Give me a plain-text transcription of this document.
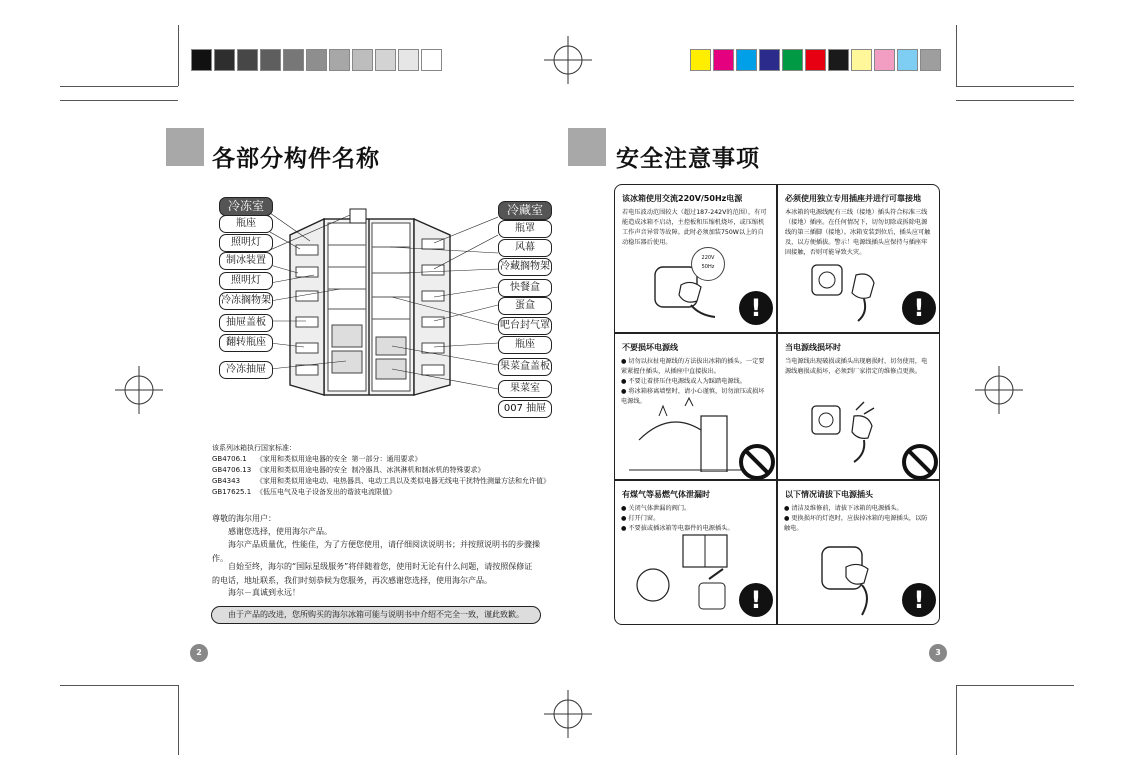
各部分构件名称
冷冻室
瓶座
照明灯
制冰装置
照明灯
冷冻搁物架
抽屉盖板
翻转瓶座
冷冻抽屉
冷藏室
瓶罩
风幕
冷藏搁物架
快餐盒
蛋盒
吧台封气罩
瓶座
果菜盒盖板
果菜室
007 抽屉
该系列冰箱执行国家标准：
GB4706.1 《家用和类似用途电器的安全  第一部分：通用要求》
GB4706.13 《家用和类似用途电器的安全  制冷器具、冰淇淋机和制冰机的特殊要求》
GB4343 《家用和类似用途电动、电热器具、电动工具以及类似电器无线电干扰特性测量方法和允许值》
GB17625.1 《低压电气及电子设备发出的谐波电流限值》
尊敬的海尔用户：
感谢您选择，使用海尔产品。
海尔产品质量优，性能佳，为了方便您使用，请仔细阅读说明书；并按照说明书的步骤操作。
自始至终，海尔的“国际星级服务”将伴随着您，使用时无论有什么问题，请按照保修证的电话，地址联系，我们时刻恭候为您服务，再次感谢您选择，使用海尔产品。
海尔－真诚到永远！
由于产品的改进，您所购买的海尔冰箱可能与说明书中介绍不完全一致，谨此致歉。
2
安全注意事项
该冰箱使用交流220V/50Hz电源
若电压波动范围较大（超过187-242V的范围），有可能造成冰箱不启动，主控板和压缩机烧坏，或压缩机工作声音异常等故障。此时必须加装750W以上的自动稳压器后使用。
220V
50Hz
!
必须使用独立专用插座并进行可靠接地
本冰箱的电源线配有三线（接地）插头符合标准三线（接地）插座。在任何情况下，切勿切除或拆除电源线的第三插脚（接地）。冰箱安装到位后，插头应可触及，以方便插拔。警示！电源线插头应保持与插座牢固接触，否则可能导致火灾。
!
不要损坏电源线
● 切勿以拉扯电源线的方法拔出冰箱的插头。一定要紧紧握住插头，从插座中直接拔出。
● 不要让着挤压住电源线或人为踩踏电源线。
● 将冰箱移离墙壁时，请小心谨慎，切勿滚压或损坏电源线。
当电源线损坏时
当电源线出现破损或插头出现磨损时，切勿使用，电源线磨损或损坏，必须到厂家指定的维修点更换。
有煤气等易燃气体泄漏时
● 关闭气体泄漏的阀门。
● 打开门窗。
● 不要拔或插冰箱等电器件的电源插头。
!
以下情况请拔下电源插头
● 清洁及维修前，请拔下冰箱的电源插头。
● 更换损坏的灯泡时，应拔掉冰箱的电源插头，以防触电。
!
3
